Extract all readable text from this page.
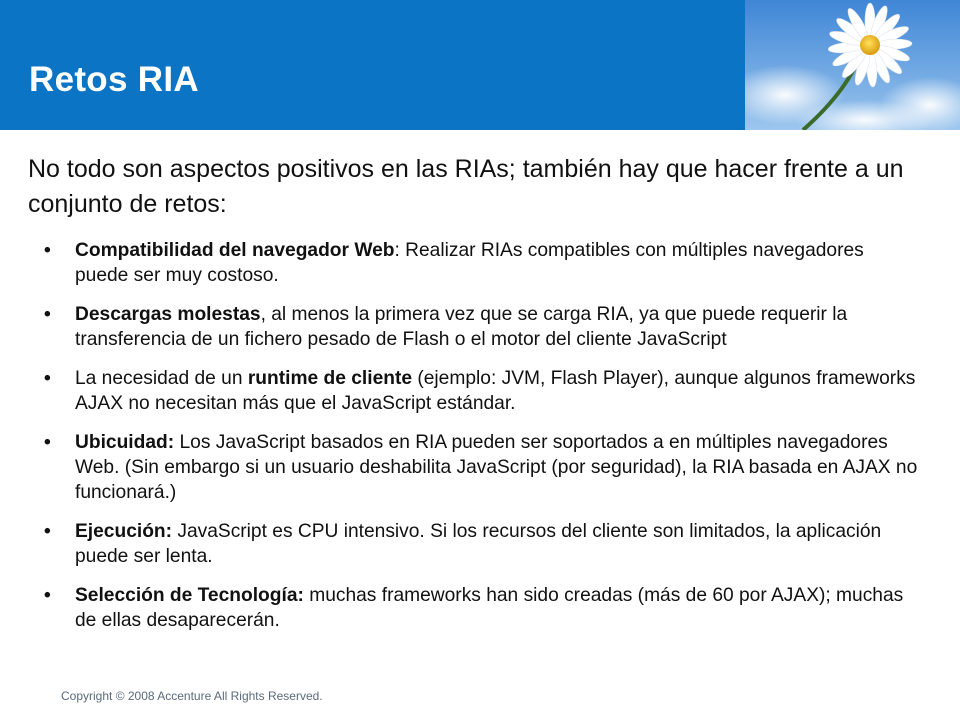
Retos RIA

No todo son aspectos positivos en las RIAs; también hay que hacer frente a un conjunto de retos:

• Compatibilidad del navegador Web: Realizar RIAs compatibles con múltiples navegadores puede ser muy costoso.
• Descargas molestas, al menos la primera vez que se carga RIA, ya que puede requerir la transferencia de un fichero pesado de Flash o el motor del cliente JavaScript
• La necesidad de un runtime de cliente (ejemplo: JVM, Flash Player), aunque algunos frameworks AJAX no necesitan más que el JavaScript estándar.
• Ubicuidad: Los JavaScript basados en RIA pueden ser soportados a en múltiples navegadores Web. (Sin embargo si un usuario deshabilita JavaScript (por seguridad), la RIA basada en AJAX no funcionará.)
• Ejecución: JavaScript es CPU intensivo. Si los recursos del cliente son limitados, la aplicación puede ser lenta.
• Selección de Tecnología: muchas frameworks han sido creadas (más de 60 por AJAX); muchas de ellas desaparecerán.
Copyright © 2008 Accenture All Rights Reserved.
